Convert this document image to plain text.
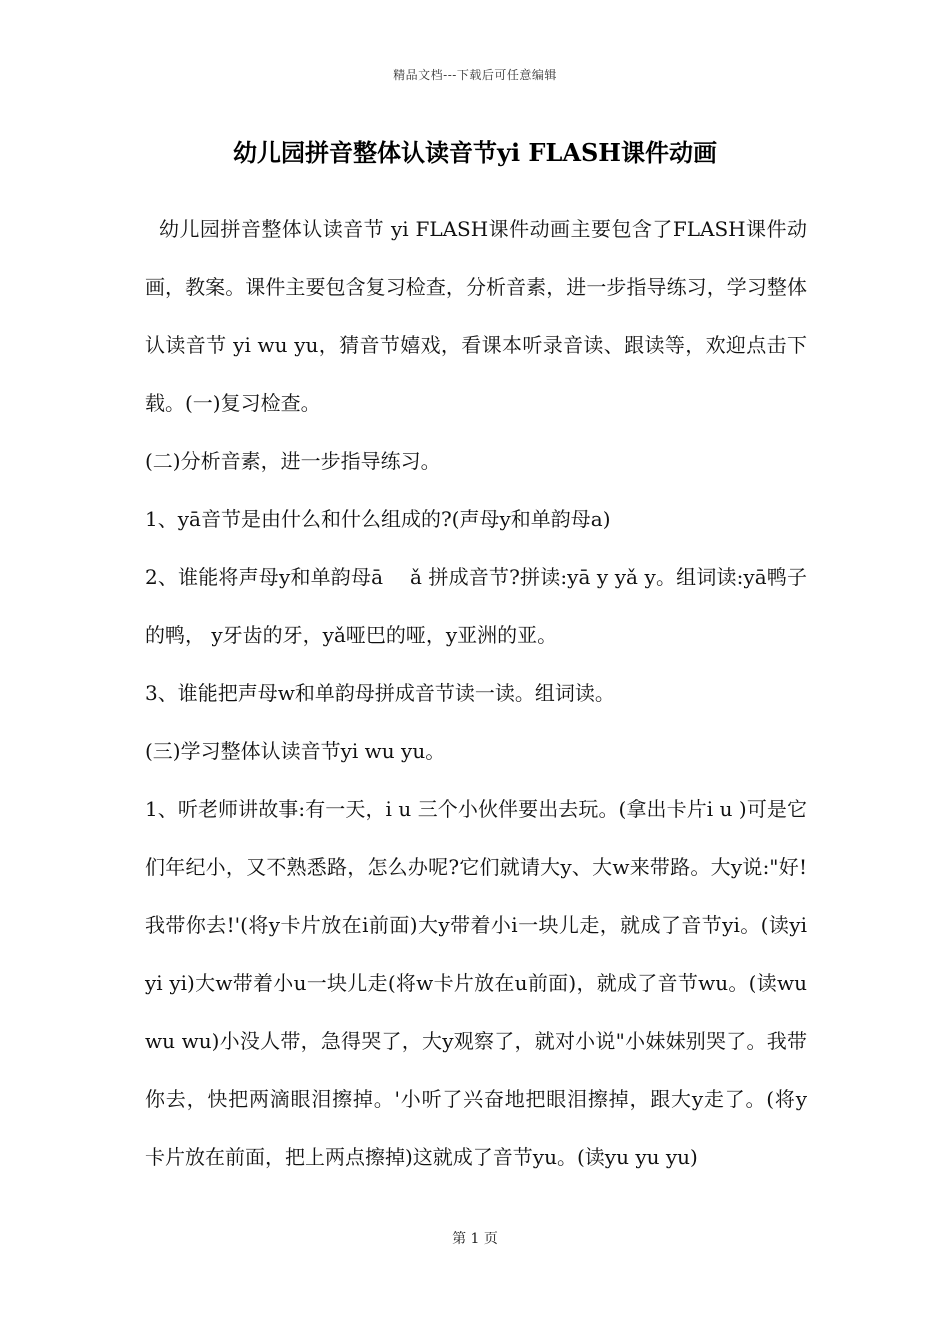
精品文档---下载后可任意编辑
幼儿园拼音整体认读音节yi FLASH课件动画

幼儿园拼音整体认读音节 yi FLASH课件动画主要包含了FLASH课件动画，教案。课件主要包含复习检查，分析音素，进一步指导练习，学习整体认读音节 yi wu yu，猜音节嬉戏，看课本听录音读、跟读等，欢迎点击下载。(一)复习检查。

(二)分析音素，进一步指导练习。

1、yā音节是由什么和什么组成的?(声母y和单韵母a)

2、谁能将声母y和单韵母ā　 ǎ 拼成音节?拼读:yā y yǎ y。组词读:yā鸭子的鸭， y牙齿的牙，yǎ哑巴的哑，y亚洲的亚。

3、谁能把声母w和单韵母拼成音节读一读。组词读。

(三)学习整体认读音节yi wu yu。

1、听老师讲故事:有一天，i u 三个小伙伴要出去玩。(拿出卡片i u )可是它们年纪小，又不熟悉路，怎么办呢?它们就请大y、大w来带路。大y说:"好!我带你去!'(将y卡片放在i前面)大y带着小i一块儿走，就成了音节yi。(读yi yi yi)大w带着小u一块儿走(将w卡片放在u前面)，就成了音节wu。(读wu wu wu)小没人带，急得哭了，大y观察了，就对小说"小妹妹别哭了。我带你去，快把两滴眼泪擦掉。'小听了兴奋地把眼泪擦掉，跟大y走了。(将y 卡片放在前面，把上两点擦掉)这就成了音节yu。(读yu yu yu)

第 1 页
